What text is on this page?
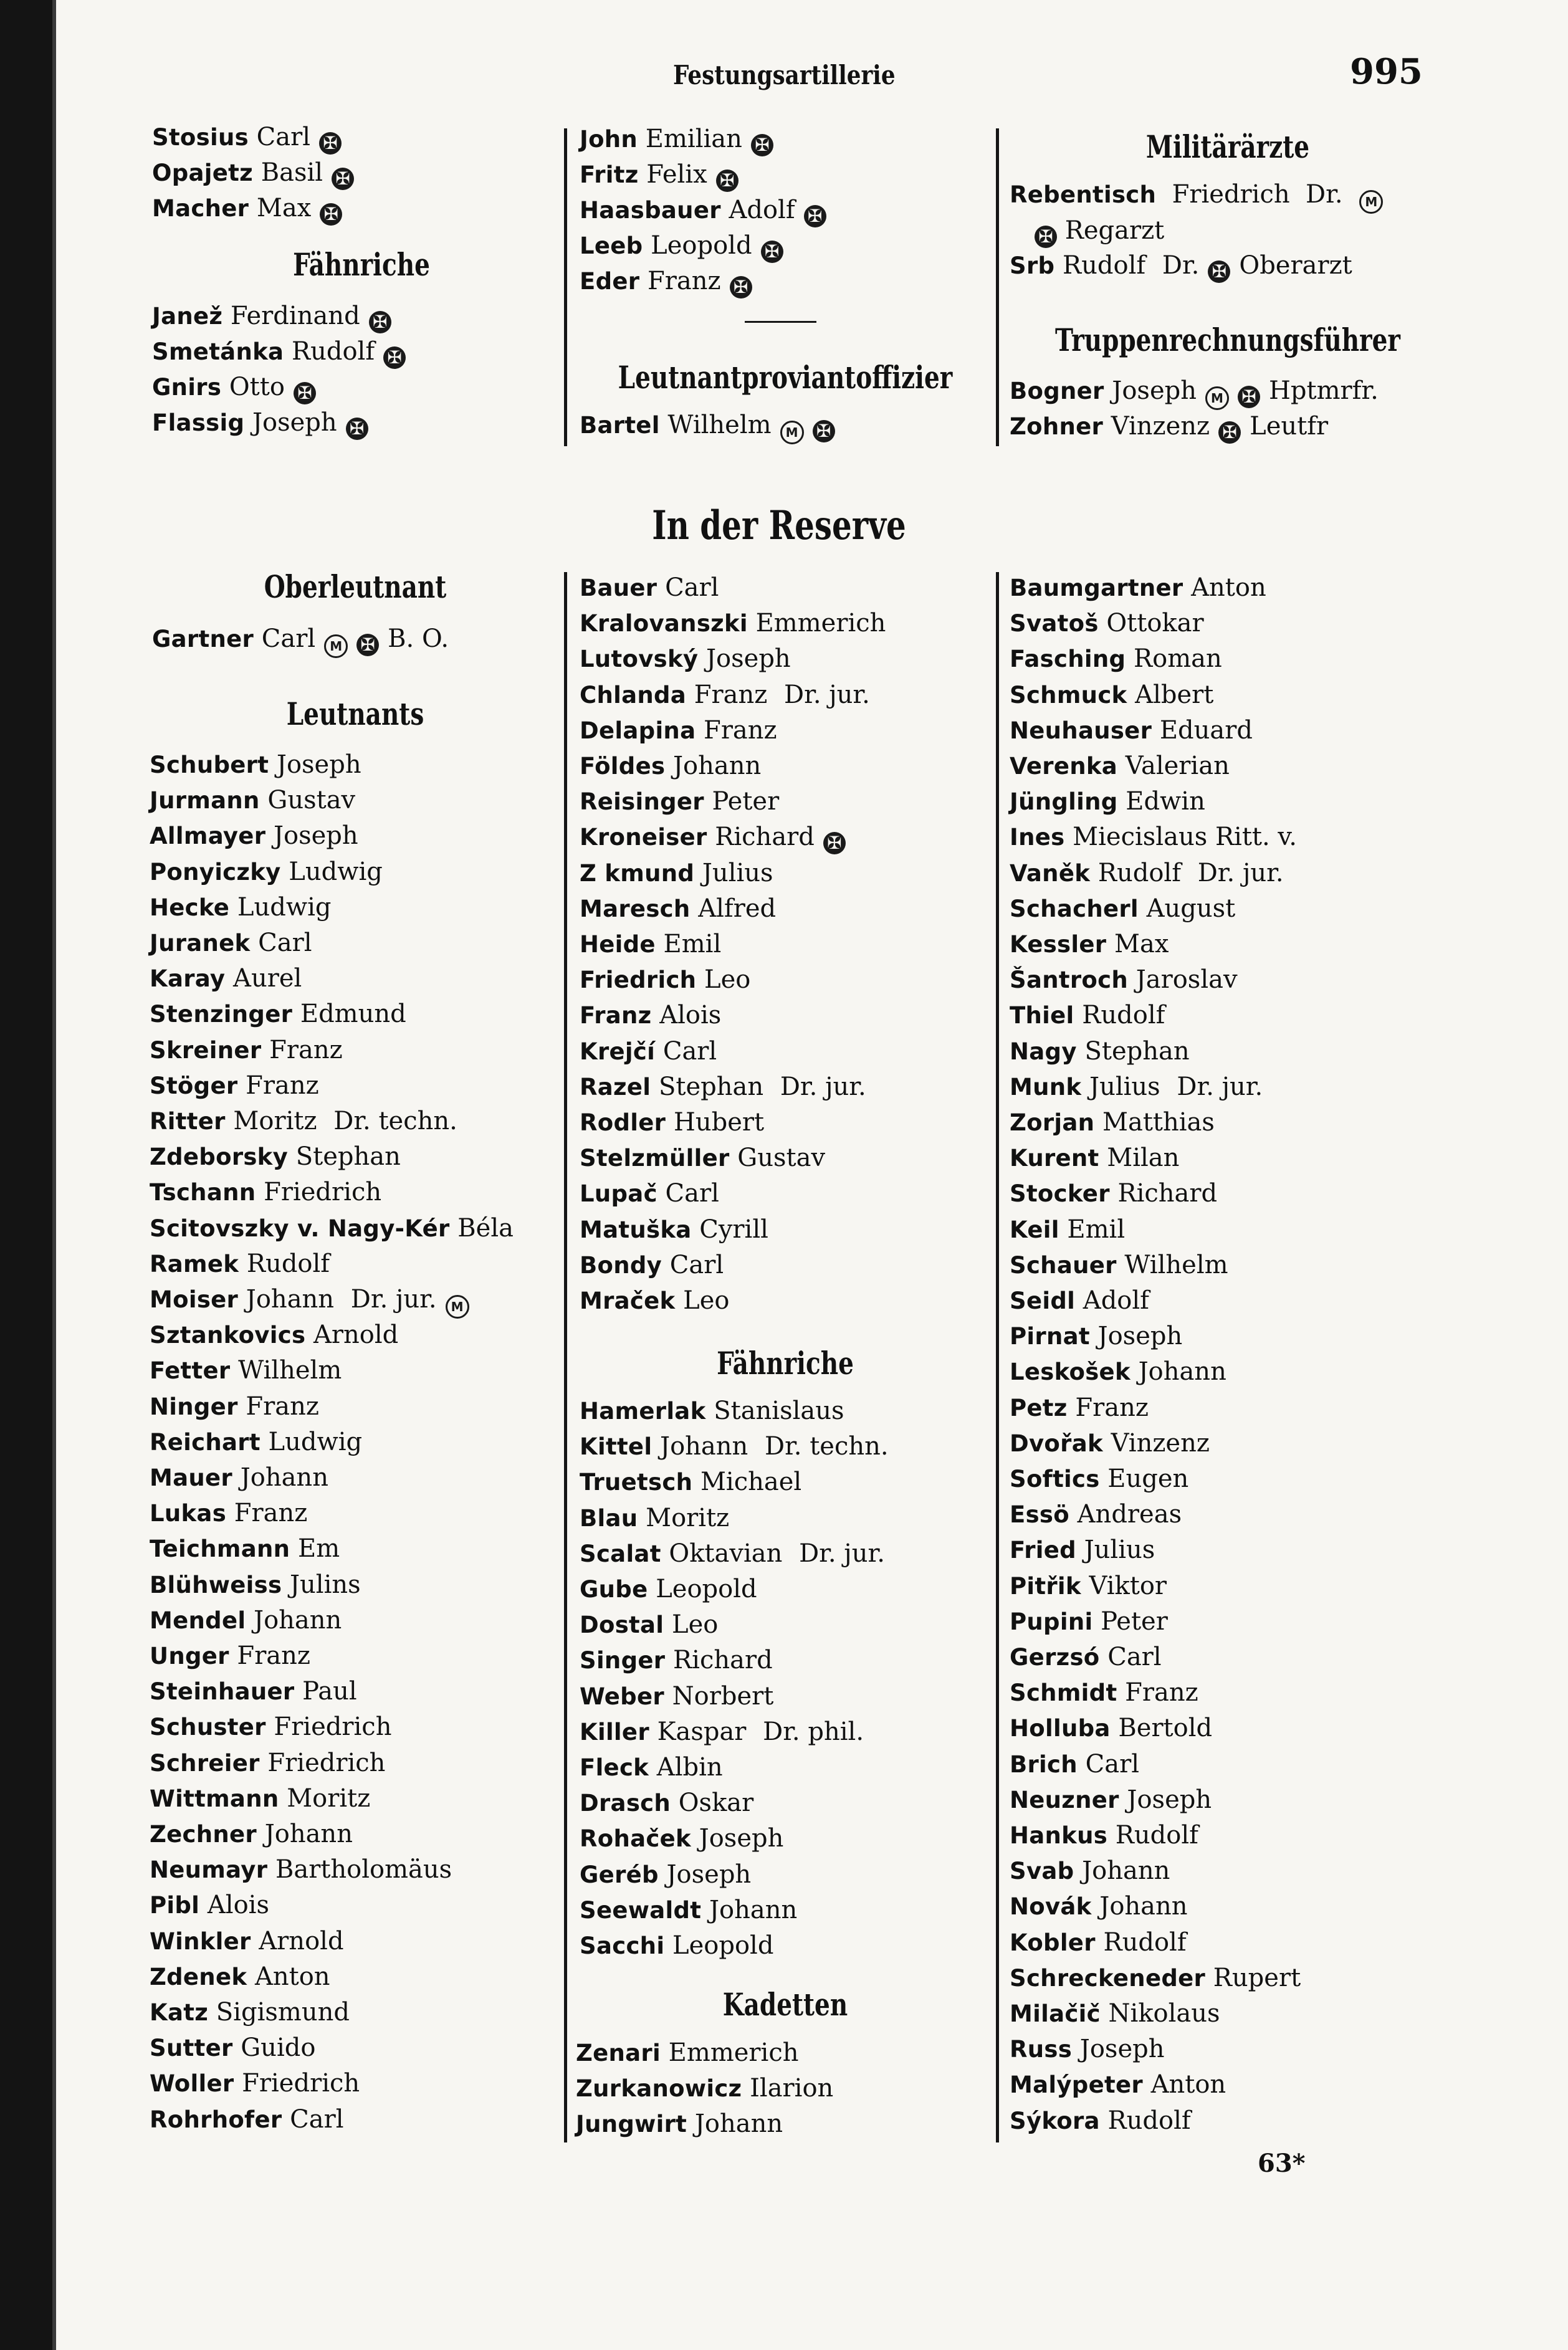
Festungsartillerie	995
Stosius Carl ✠
Opajetz Basil ✠
Macher Max ✠
Fähnriche
Janež Ferdinand ✠
Smetánka Rudolf ✠
Gnirs Otto ✠
Flassig Joseph ✠
John Emilian ✠
Fritz Felix ✠
Haasbauer Adolf ✠
Leeb Leopold ✠
Eder Franz ✠
Leutnantproviantoffizier
Bartel Wilhelm M ✠
Militärärzte
Rebentisch  Friedrich  Dr. M
✠ Regarzt
Srb Rudolf Dr. ✠ Oberarzt
Truppenrechnungsführer
Bogner Joseph M ✠ Hptmrfr.
Zohner Vinzenz ✠ Leutfr
In der Reserve
Oberleutnant
Gartner Carl M ✠ B. O.
Leutnants
Schubert Joseph
Jurmann Gustav
Allmayer Joseph
Ponyiczky Ludwig
Hecke Ludwig
Juranek Carl
Karay Aurel
Stenzinger Edmund
Skreiner Franz
Stöger Franz
Ritter Moritz Dr. techn.
Zdeborsky Stephan
Tschann Friedrich
Scitovszky v. Nagy-Kér Béla
Ramek Rudolf
Moiser Johann Dr. jur. M
Sztankovics Arnold
Fetter Wilhelm
Ninger Franz
Reichart Ludwig
Mauer Johann
Lukas Franz
Teichmann Em
Blühweiss Julins
Mendel Johann
Unger Franz
Steinhauer Paul
Schuster Friedrich
Schreier Friedrich
Wittmann Moritz
Zechner Johann
Neumayr Bartholomäus
Pibl Alois
Winkler Arnold
Zdenek Anton
Katz Sigismund
Sutter Guido
Woller Friedrich
Rohrhofer Carl
Bauer Carl
Kralovanszki Emmerich
Lutovský Joseph
Chlanda Franz Dr. jur.
Delapina Franz
Földes Johann
Reisinger Peter
Kroneiser Richard ✠
Z kmund Julius
Maresch Alfred
Heide Emil
Friedrich Leo
Franz Alois
Krejčí Carl
Razel Stephan Dr. jur.
Rodler Hubert
Stelzmüller Gustav
Lupač Carl
Matuška Cyrill
Bondy Carl
Mraček Leo
Fähnriche
Hamerlak Stanislaus
Kittel Johann Dr. techn.
Truetsch Michael
Blau Moritz
Scalat Oktavian Dr. jur.
Gube Leopold
Dostal Leo
Singer Richard
Weber Norbert
Killer Kaspar Dr. phil.
Fleck Albin
Drasch Oskar
Rohaček Joseph
Geréb Joseph
Seewaldt Johann
Sacchi Leopold
Kadetten
Zenari Emmerich
Zurkanowicz Ilarion
Jungwirt Johann
Baumgartner Anton
Svatoš Ottokar
Fasching Roman
Schmuck Albert
Neuhauser Eduard
Verenka Valerian
Jüngling Edwin
Ines Miecislaus Ritt. v.
Vaněk Rudolf Dr. jur.
Schacherl August
Kessler Max
Šantroch Jaroslav
Thiel Rudolf
Nagy Stephan
Munk Julius Dr. jur.
Zorjan Matthias
Kurent Milan
Stocker Richard
Keil Emil
Schauer Wilhelm
Seidl Adolf
Pirnat Joseph
Leskošek Johann
Petz Franz
Dvořak Vinzenz
Softics Eugen
Essö Andreas
Fried Julius
Pitřik Viktor
Pupini Peter
Gerzsó Carl
Schmidt Franz
Holluba Bertold
Brich Carl
Neuzner Joseph
Hankus Rudolf
Svab Johann
Novák Johann
Kobler Rudolf
Schreckeneder Rupert
Milačič Nikolaus
Russ Joseph
Malýpeter Anton
Sýkora Rudolf
63*
